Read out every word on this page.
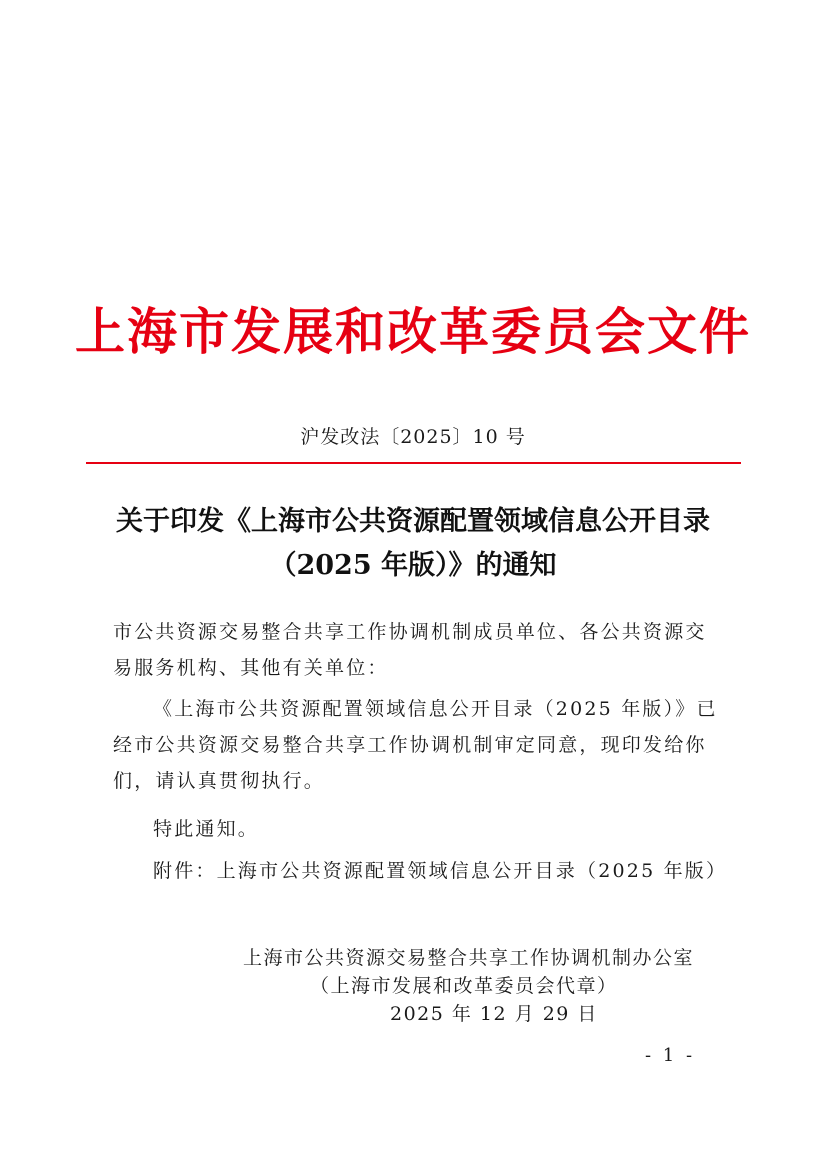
上海市发展和改革委员会文件
沪发改法〔2025〕10 号
关于印发《上海市公共资源配置领域信息公开目录
（2025 年版）》的通知
市公共资源交易整合共享工作协调机制成员单位、各公共资源交易服务机构、其他有关单位：
《上海市公共资源配置领域信息公开目录（2025 年版）》已经市公共资源交易整合共享工作协调机制审定同意，现印发给你们，请认真贯彻执行。
特此通知。
附件：上海市公共资源配置领域信息公开目录（2025 年版）
上海市公共资源交易整合共享工作协调机制办公室
（上海市发展和改革委员会代章）
2025 年 12 月 29 日
- 1 -
